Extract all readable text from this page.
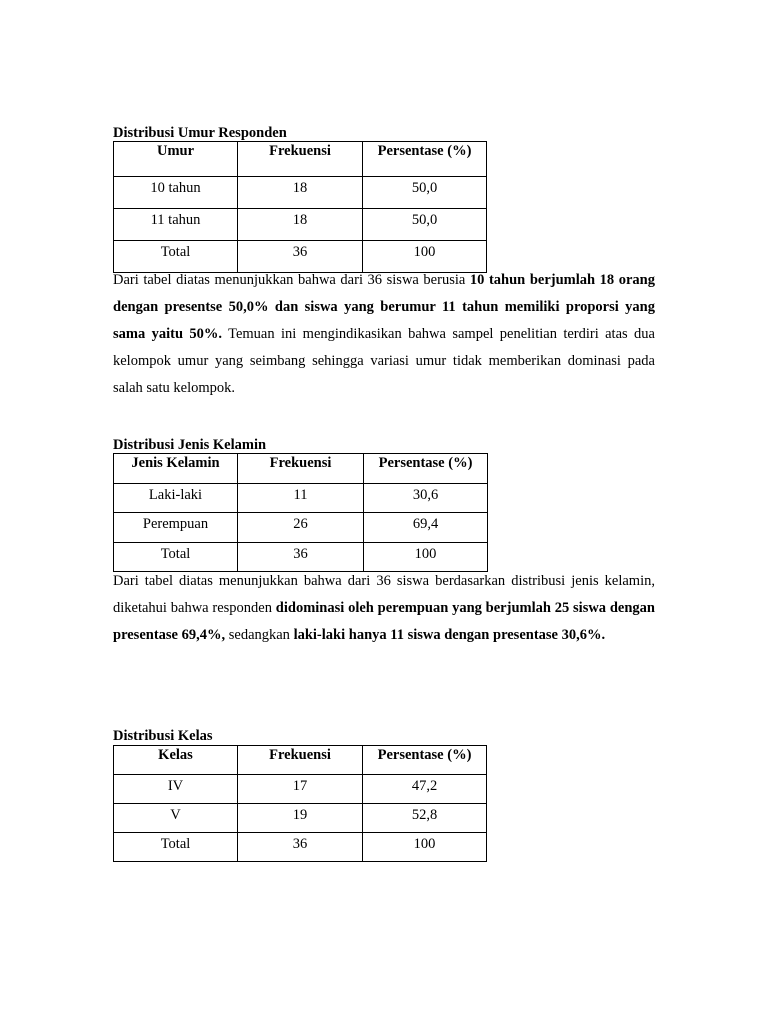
Distribusi Umur Responden
Umur	Frekuensi	Persentase (%)
10 tahun	18	50,0
11 tahun	18	50,0
Total	36	100
Dari tabel diatas menunjukkan bahwa dari 36 siswa berusia 10 tahun berjumlah 18 orang dengan presentse 50,0% dan siswa yang berumur 11 tahun memiliki proporsi yang sama yaitu 50%. Temuan ini mengindikasikan bahwa sampel penelitian terdiri atas dua kelompok umur yang seimbang sehingga variasi umur tidak memberikan dominasi pada salah satu kelompok.
Distribusi Jenis Kelamin
Jenis Kelamin	Frekuensi	Persentase (%)
Laki-laki	11	30,6
Perempuan	26	69,4
Total	36	100
Dari tabel diatas menunjukkan bahwa dari 36 siswa berdasarkan distribusi jenis kelamin, diketahui bahwa responden didominasi oleh perempuan yang berjumlah 25 siswa dengan presentase 69,4%, sedangkan laki-laki hanya 11 siswa dengan presentase 30,6%.
Distribusi Kelas
Kelas	Frekuensi	Persentase (%)
IV	17	47,2
V	19	52,8
Total	36	100
